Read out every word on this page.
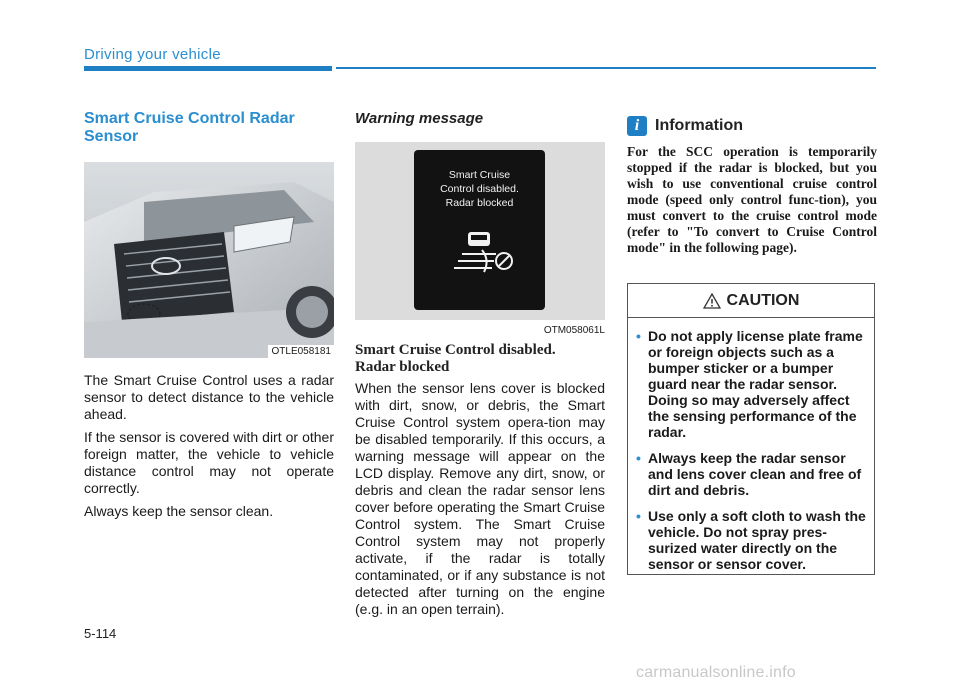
Driving your vehicle
Smart Cruise Control Radar Sensor
OTLE058181

The Smart Cruise Control uses a radar sensor to detect distance to the vehicle ahead.

If the sensor is covered with dirt or other foreign matter, the vehicle to vehicle distance control may not operate correctly.

Always keep the sensor clean.

Warning message
Smart Cruise
Control disabled.
Radar blocked
OTM058061L

Smart Cruise Control disabled.
Radar blocked

When the sensor lens cover is blocked with dirt, snow, or debris, the Smart Cruise Control system opera-tion may be disabled temporarily. If this occurs, a warning message will appear on the LCD display. Remove any dirt, snow, or debris and clean the radar sensor lens cover before operating the Smart Cruise Control system. The Smart Cruise Control system may not properly activate, if the radar is totally contaminated, or if any substance is not detected after turning on the engine (e.g. in an open terrain).

i Information

For the SCC operation is temporarily stopped if the radar is blocked, but you wish to use conventional cruise control mode (speed only control func-tion), you must convert to the cruise control mode (refer to "To convert to Cruise Control mode" in the following page).

CAUTION
• Do not apply license plate frame or foreign objects such as a bumper sticker or a bumper guard near the radar sensor. Doing so may adversely affect the sensing performance of the radar.
• Always keep the radar sensor and lens cover clean and free of dirt and debris.
• Use only a soft cloth to wash the vehicle. Do not spray pres-surized water directly on the sensor or sensor cover.
5-114
carmanualsonline.info
